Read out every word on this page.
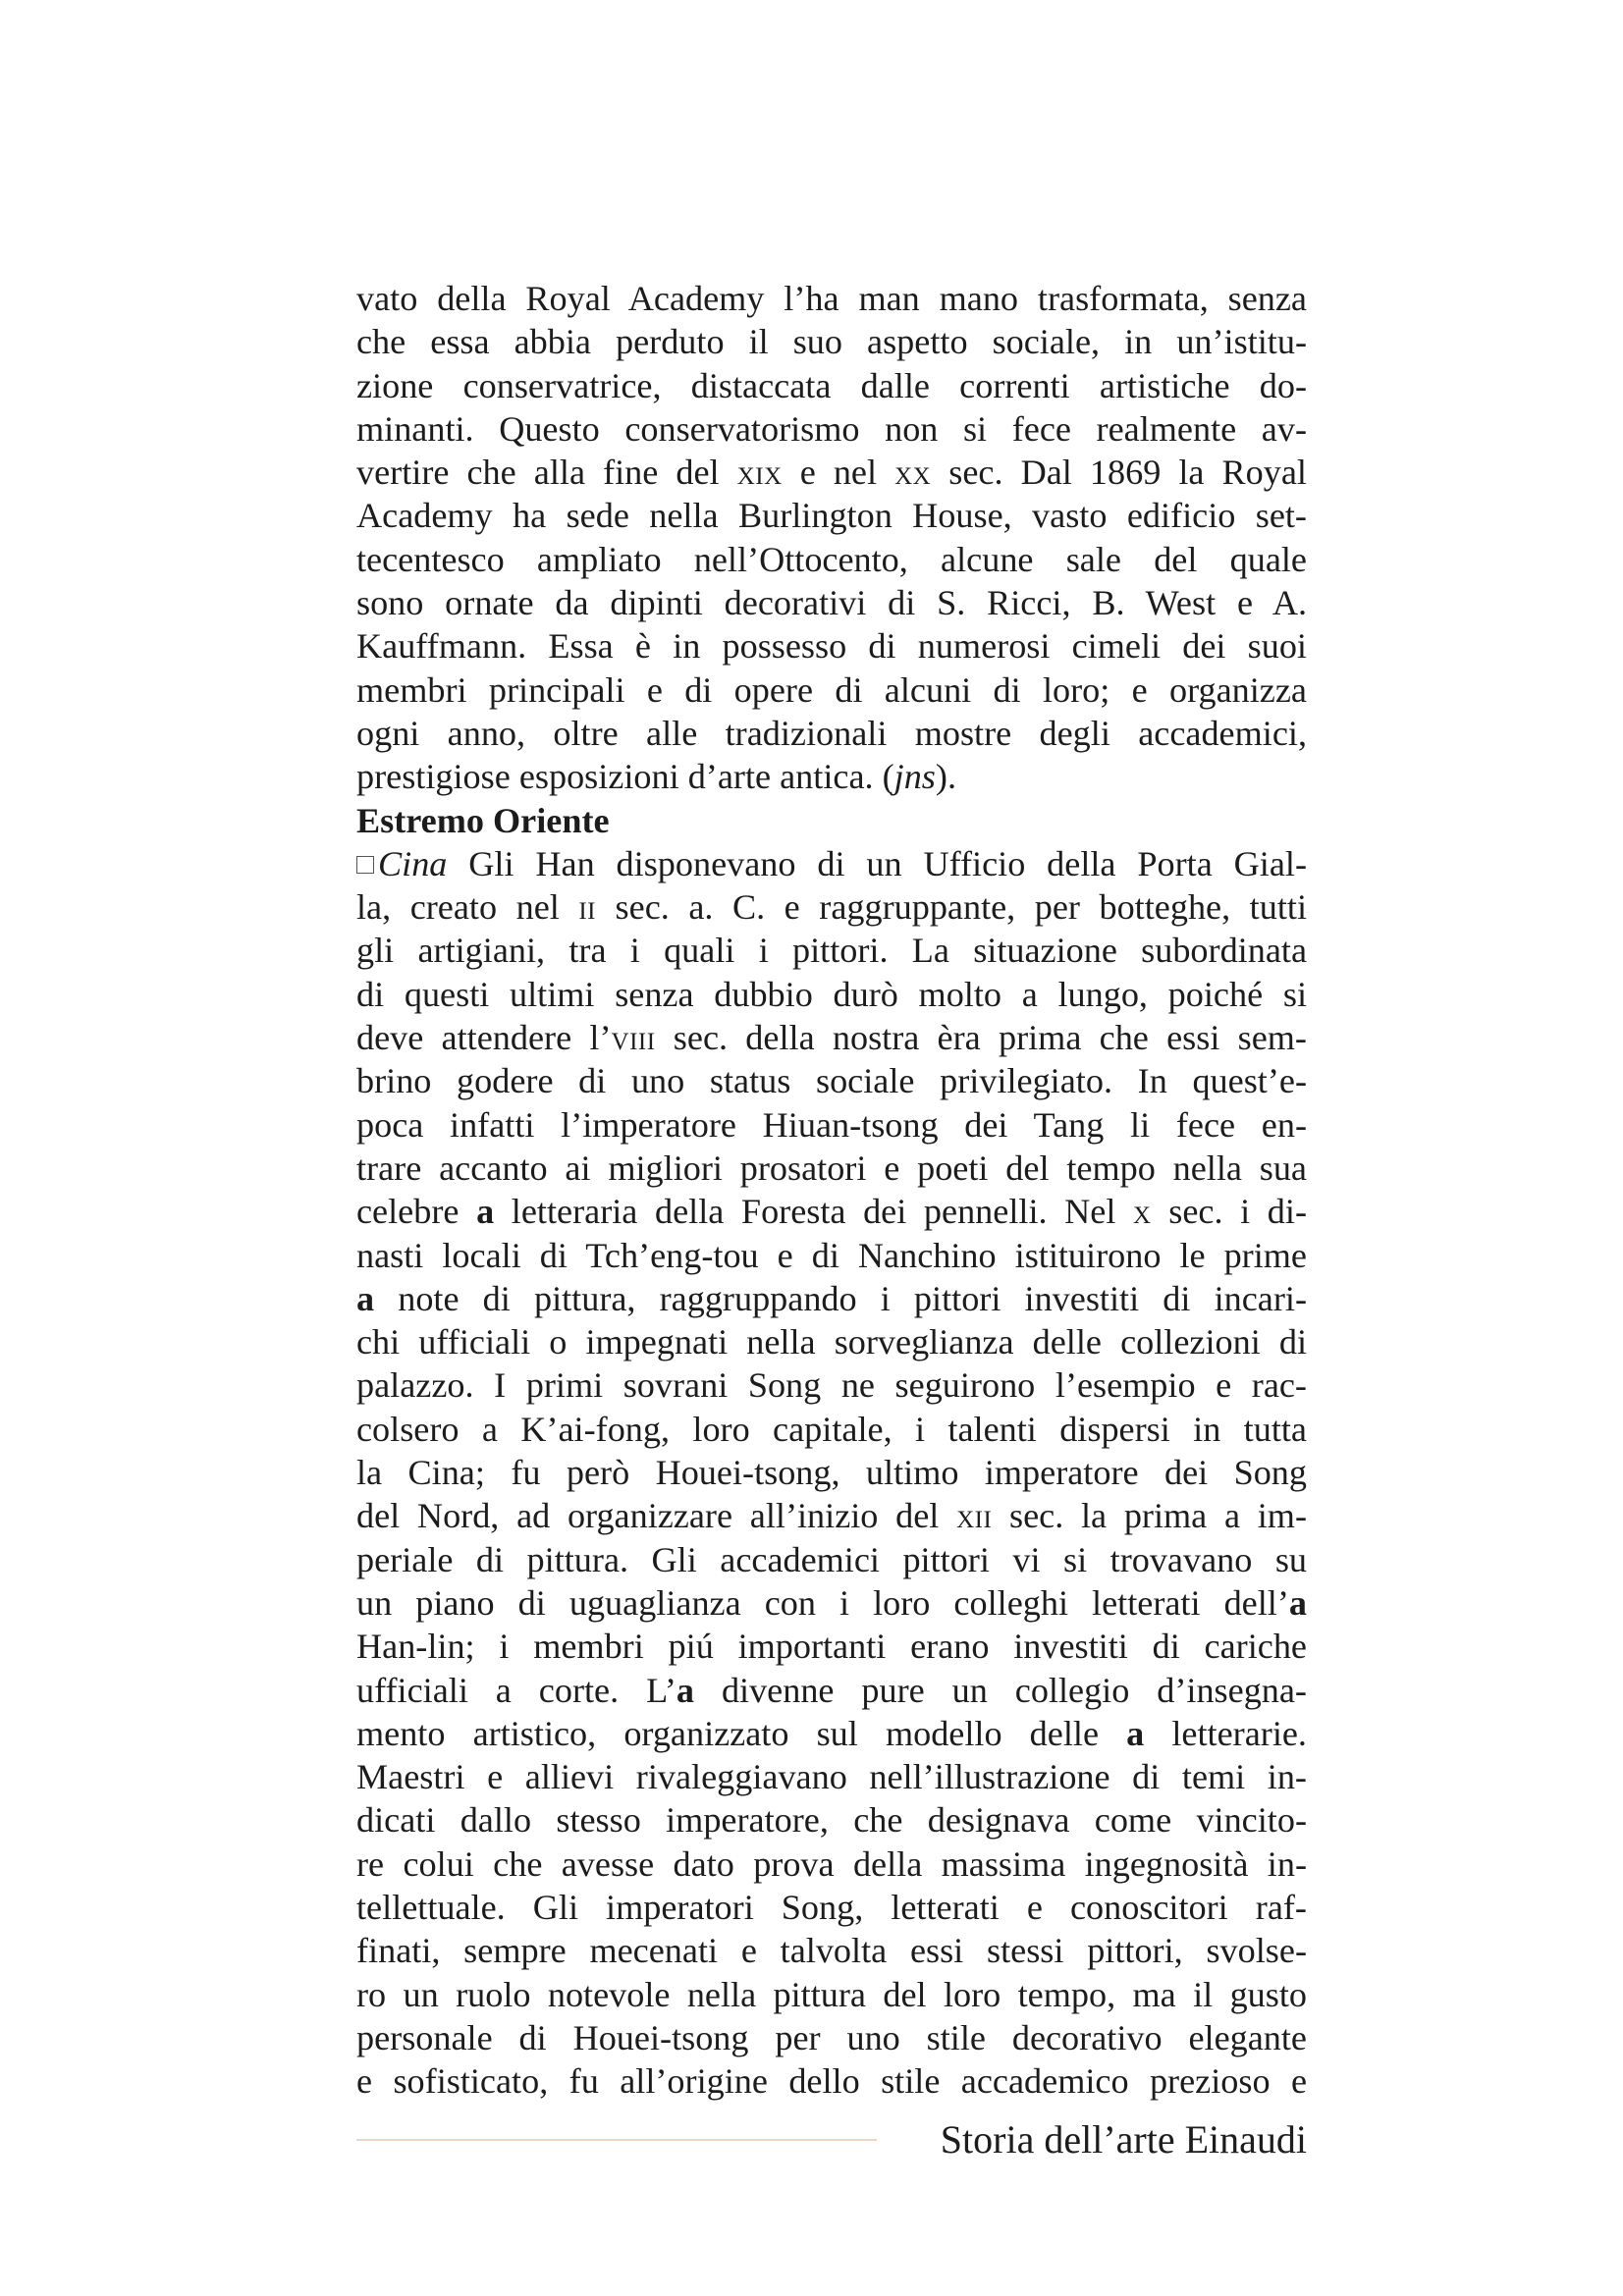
vato della Royal Academy l’ha man mano trasformata, senza
che essa abbia perduto il suo aspetto sociale, in un’istitu-
zione conservatrice, distaccata dalle correnti artistiche do-
minanti. Questo conservatorismo non si fece realmente av-
vertire che alla fine del xix e nel xx sec. Dal 1869 la Royal
Academy ha sede nella Burlington House, vasto edificio set-
tecentesco ampliato nell’Ottocento, alcune sale del quale
sono ornate da dipinti decorativi di S. Ricci, B. West e A.
Kauffmann. Essa è in possesso di numerosi cimeli dei suoi
membri principali e di opere di alcuni di loro; e organizza
ogni anno, oltre alle tradizionali mostre degli accademici,
prestigiose esposizioni d’arte antica. (jns).
Estremo Oriente
Cina Gli Han disponevano di un Ufficio della Porta Gial-
la, creato nel ii sec. a. C. e raggruppante, per botteghe, tutti
gli artigiani, tra i quali i pittori. La situazione subordinata
di questi ultimi senza dubbio durò molto a lungo, poiché si
deve attendere l’viii sec. della nostra èra prima che essi sem-
brino godere di uno status sociale privilegiato. In quest’e-
poca infatti l’imperatore Hiuan-tsong dei Tang li fece en-
trare accanto ai migliori prosatori e poeti del tempo nella sua
celebre a letteraria della Foresta dei pennelli. Nel x sec. i di-
nasti locali di Tch’eng-tou e di Nanchino istituirono le prime
a note di pittura, raggruppando i pittori investiti di incari-
chi ufficiali o impegnati nella sorveglianza delle collezioni di
palazzo. I primi sovrani Song ne seguirono l’esempio e rac-
colsero a K’ai-fong, loro capitale, i talenti dispersi in tutta
la Cina; fu però Houei-tsong, ultimo imperatore dei Song
del Nord, ad organizzare all’inizio del xii sec. la prima a im-
periale di pittura. Gli accademici pittori vi si trovavano su
un piano di uguaglianza con i loro colleghi letterati dell’a
Han-lin; i membri piú importanti erano investiti di cariche
ufficiali a corte. L’a divenne pure un collegio d’insegna-
mento artistico, organizzato sul modello delle a letterarie.
Maestri e allievi rivaleggiavano nell’illustrazione di temi in-
dicati dallo stesso imperatore, che designava come vincito-
re colui che avesse dato prova della massima ingegnosità in-
tellettuale. Gli imperatori Song, letterati e conoscitori raf-
finati, sempre mecenati e talvolta essi stessi pittori, svolse-
ro un ruolo notevole nella pittura del loro tempo, ma il gusto
personale di Houei-tsong per uno stile decorativo elegante
e sofisticato, fu all’origine dello stile accademico prezioso e
Storia dell’arte Einaudi
